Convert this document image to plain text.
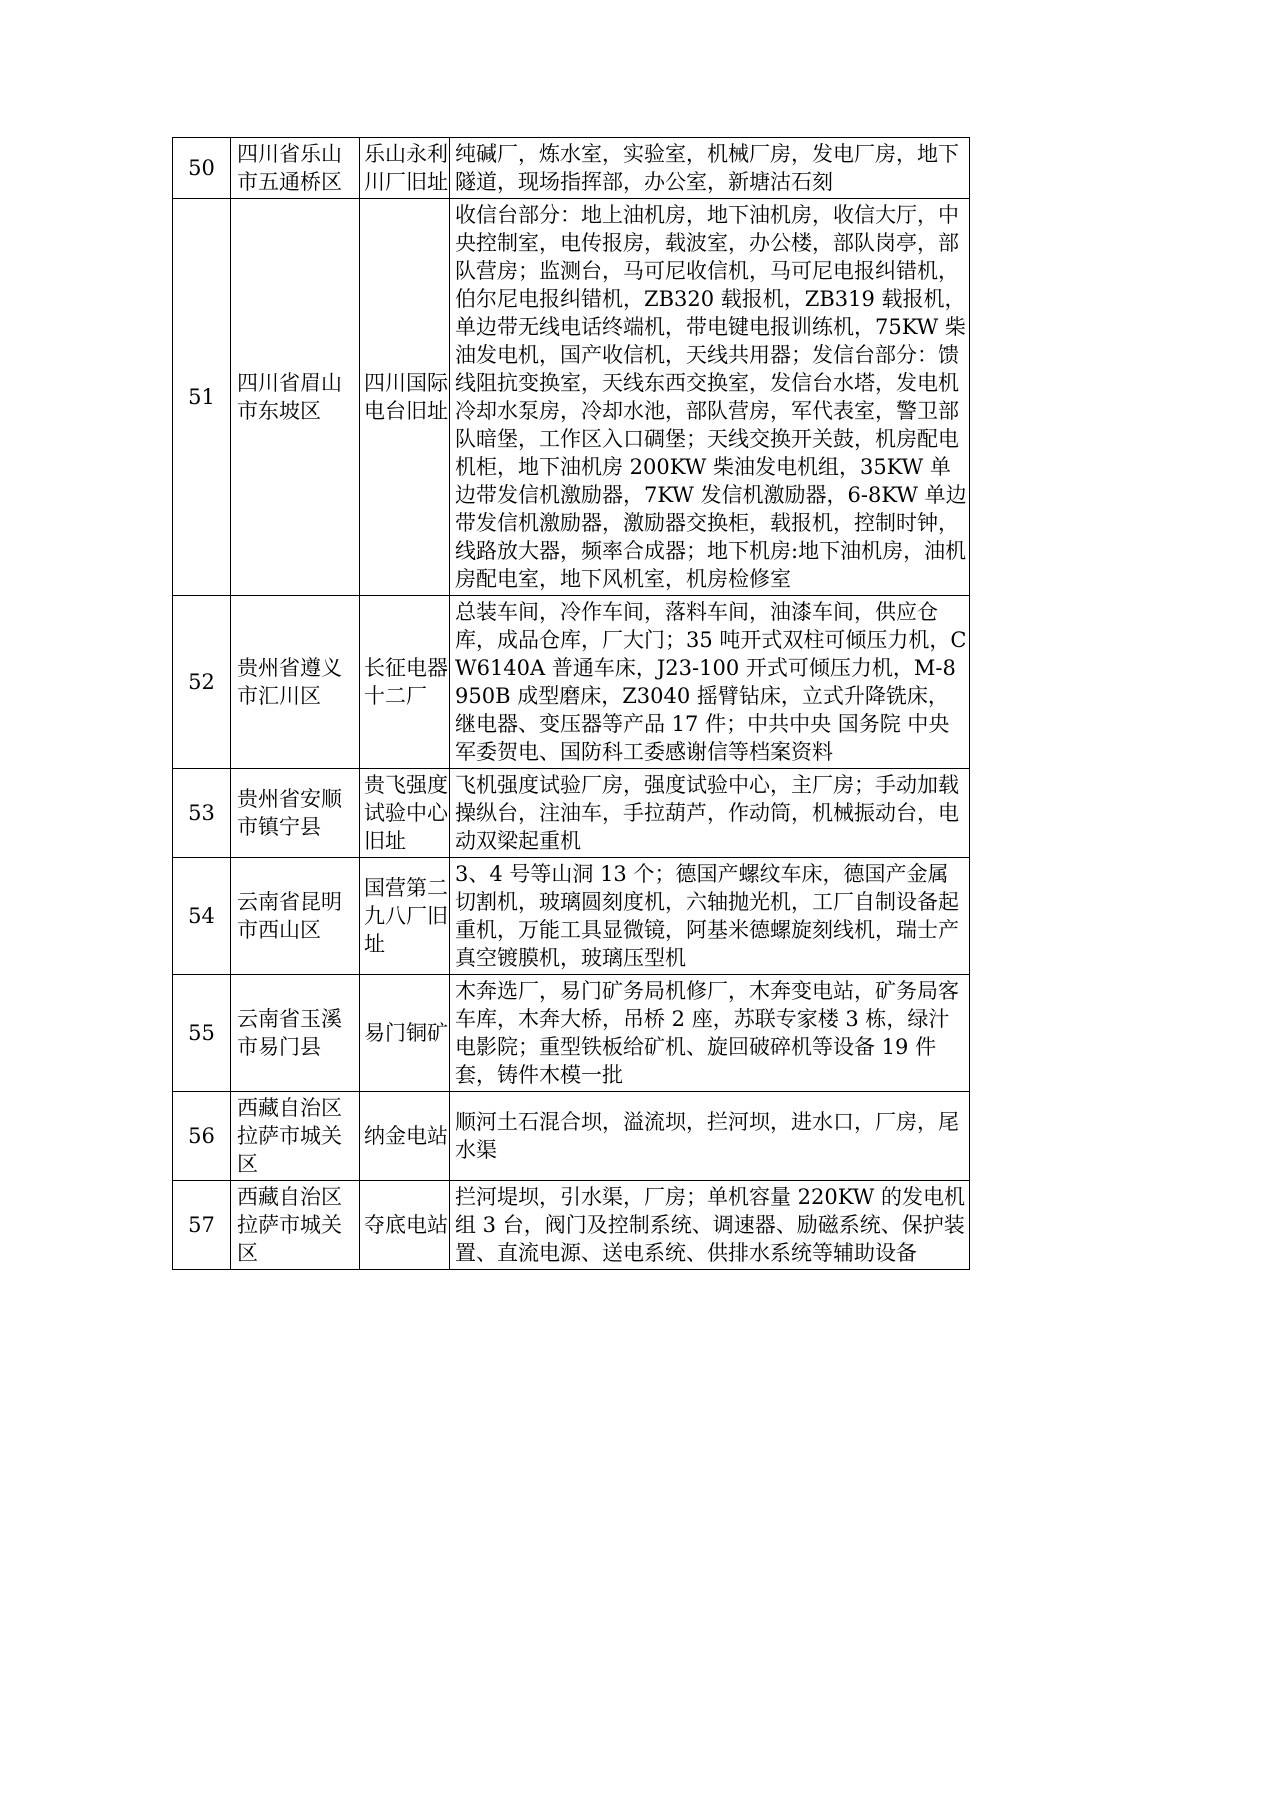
50	四川省乐山市五通桥区	乐山永利川厂旧址	纯碱厂，炼水室，实验室，机械厂房，发电厂房，地下隧道，现场指挥部，办公室，新塘沽石刻
51	四川省眉山市东坡区	四川国际电台旧址	收信台部分：地上油机房，地下油机房，收信大厅，中央控制室，电传报房，载波室，办公楼，部队岗亭，部队营房；监测台，马可尼收信机，马可尼电报纠错机，伯尔尼电报纠错机，ZB320 载报机，ZB319 载报机，单边带无线电话终端机，带电键电报训练机，75KW 柴油发电机，国产收信机，天线共用器；发信台部分：馈线阻抗变换室，天线东西交换室，发信台水塔，发电机冷却水泵房，冷却水池，部队营房，军代表室，警卫部队暗堡，工作区入口碉堡；天线交换开关鼓，机房配电机柜，地下油机房 200KW 柴油发电机组，35KW 单边带发信机激励器，7KW 发信机激励器，6-8KW 单边带发信机激励器，激励器交换柜，载报机，控制时钟，线路放大器，频率合成器；地下机房:地下油机房，油机房配电室，地下风机室，机房检修室
52	贵州省遵义市汇川区	长征电器十二厂	总装车间，冷作车间，落料车间，油漆车间，供应仓库，成品仓库，厂大门；35 吨开式双柱可倾压力机，CW6140A 普通车床，J23-100 开式可倾压力机，M-8950B 成型磨床，Z3040 摇臂钻床，立式升降铣床，继电器、变压器等产品 17 件；中共中央 国务院 中央军委贺电、国防科工委感谢信等档案资料
53	贵州省安顺市镇宁县	贵飞强度试验中心旧址	飞机强度试验厂房，强度试验中心，主厂房；手动加载操纵台，注油车，手拉葫芦，作动筒，机械振动台，电动双梁起重机
54	云南省昆明市西山区	国营第二九八厂旧址	3、4 号等山洞 13 个；德国产螺纹车床，德国产金属切割机，玻璃圆刻度机，六轴抛光机，工厂自制设备起重机，万能工具显微镜，阿基米德螺旋刻线机，瑞士产真空镀膜机，玻璃压型机
55	云南省玉溪市易门县	易门铜矿	木奔选厂，易门矿务局机修厂，木奔变电站，矿务局客车库，木奔大桥，吊桥 2 座，苏联专家楼 3 栋，绿汁电影院；重型铁板给矿机、旋回破碎机等设备 19 件套，铸件木模一批
56	西藏自治区拉萨市城关区	纳金电站	顺河土石混合坝，溢流坝，拦河坝，进水口，厂房，尾水渠
57	西藏自治区拉萨市城关区	夺底电站	拦河堤坝，引水渠，厂房；单机容量 220KW 的发电机组 3 台，阀门及控制系统、调速器、励磁系统、保护装置、直流电源、送电系统、供排水系统等辅助设备
